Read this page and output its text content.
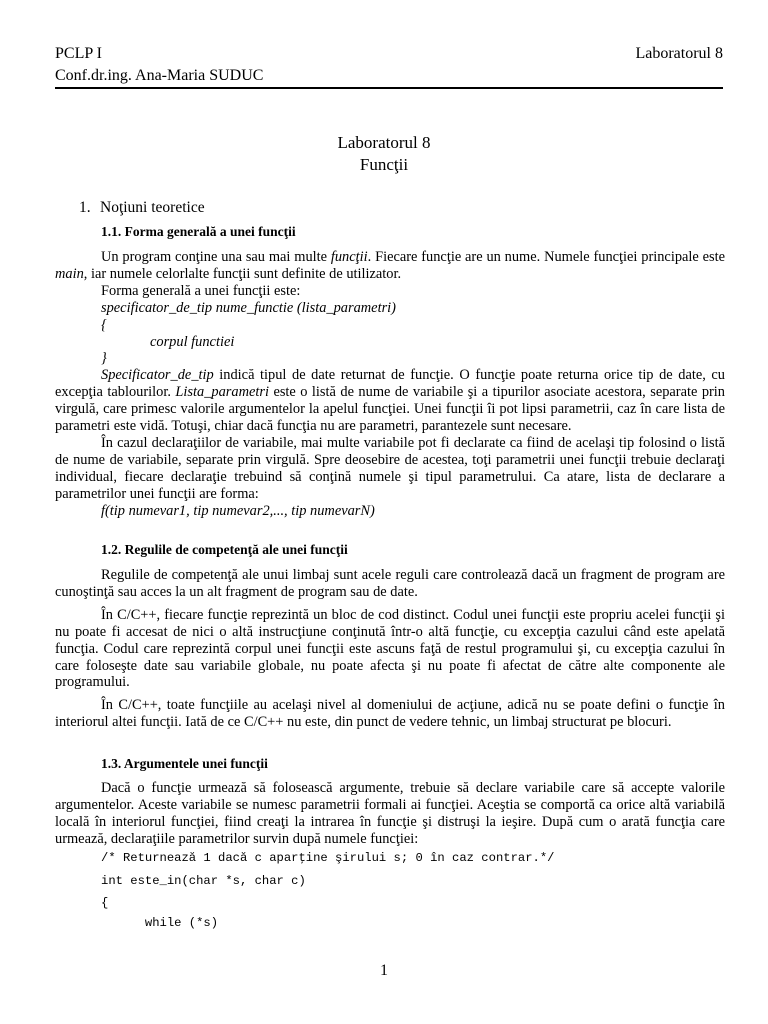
PCLP I	Laboratorul 8
Conf.dr.ing. Ana-Maria SUDUC
Laboratorul 8
Funcţii
1. Noţiuni teoretice
1.1. Forma generală a unei funcţii

Un program conţine una sau mai multe funcţii. Fiecare funcţie are un nume. Numele funcţiei principale este main, iar numele celorlalte funcţii sunt definite de utilizator.

Forma generală a unei funcţii este:

specificator_de_tip nume_functie (lista_parametri)

{

corpul functiei

}

Specificator_de_tip indică tipul de date returnat de funcţie. O funcţie poate returna orice tip de date, cu excepţia tablourilor. Lista_parametri este o listă de nume de variabile şi a tipurilor asociate acestora, separate prin virgulă, care primesc valorile argumentelor la apelul funcţiei. Unei funcţii îi pot lipsi parametrii, caz în care lista de parametri este vidă. Totuşi, chiar dacă funcţia nu are parametri, parantezele sunt necesare.

În cazul declaraţiilor de variabile, mai multe variabile pot fi declarate ca fiind de acelaşi tip folosind o listă de nume de variabile, separate prin virgulă. Spre deosebire de acestea, toţi parametrii unei funcţii trebuie declaraţi individual, fiecare declaraţie trebuind să conţină numele şi tipul parametrului. Ca atare, lista de declarare a parametrilor unei funcţii are forma:

f(tip numevar1, tip numevar2,..., tip numevarN)

1.2. Regulile de competenţă ale unei funcţii

Regulile de competenţă ale unui limbaj sunt acele reguli care controlează dacă un fragment de program are cunoştinţă sau acces la un alt fragment de program sau de date.

În C/C++, fiecare funcţie reprezintă un bloc de cod distinct. Codul unei funcţii este propriu acelei funcţii şi nu poate fi accesat de nici o altă instrucţiune conţinută într-o altă funcţie, cu excepţia cazului când este apelată funcţia. Codul care reprezintă corpul unei funcţii este ascuns faţă de restul programului şi, cu excepţia cazului în care foloseşte date sau variabile globale, nu poate afecta şi nu poate fi afectat de către alte componente ale programului.

În C/C++, toate funcţiile au acelaşi nivel al domeniului de acţiune, adică nu se poate defini o funcţie în interiorul altei funcţii. Iată de ce C/C++ nu este, din punct de vedere tehnic, un limbaj structurat pe blocuri.

1.3. Argumentele unei funcţii

Dacă o funcţie urmează să folosească argumente, trebuie să declare variabile care să accepte valorile argumentelor. Aceste variabile se numesc parametrii formali ai funcţiei. Aceştia se comportă ca orice altă variabilă locală în interiorul funcţiei, fiind creaţi la intrarea în funcţie şi distruşi la ieşire. După cum o arată funcţia care urmează, declaraţiile parametrilor survin după numele funcţiei:

/* Returnează 1 dacă c aparţine şirului s; 0 în caz contrar.*/
int este_in(char *s, char c)
{
while (*s)
1
